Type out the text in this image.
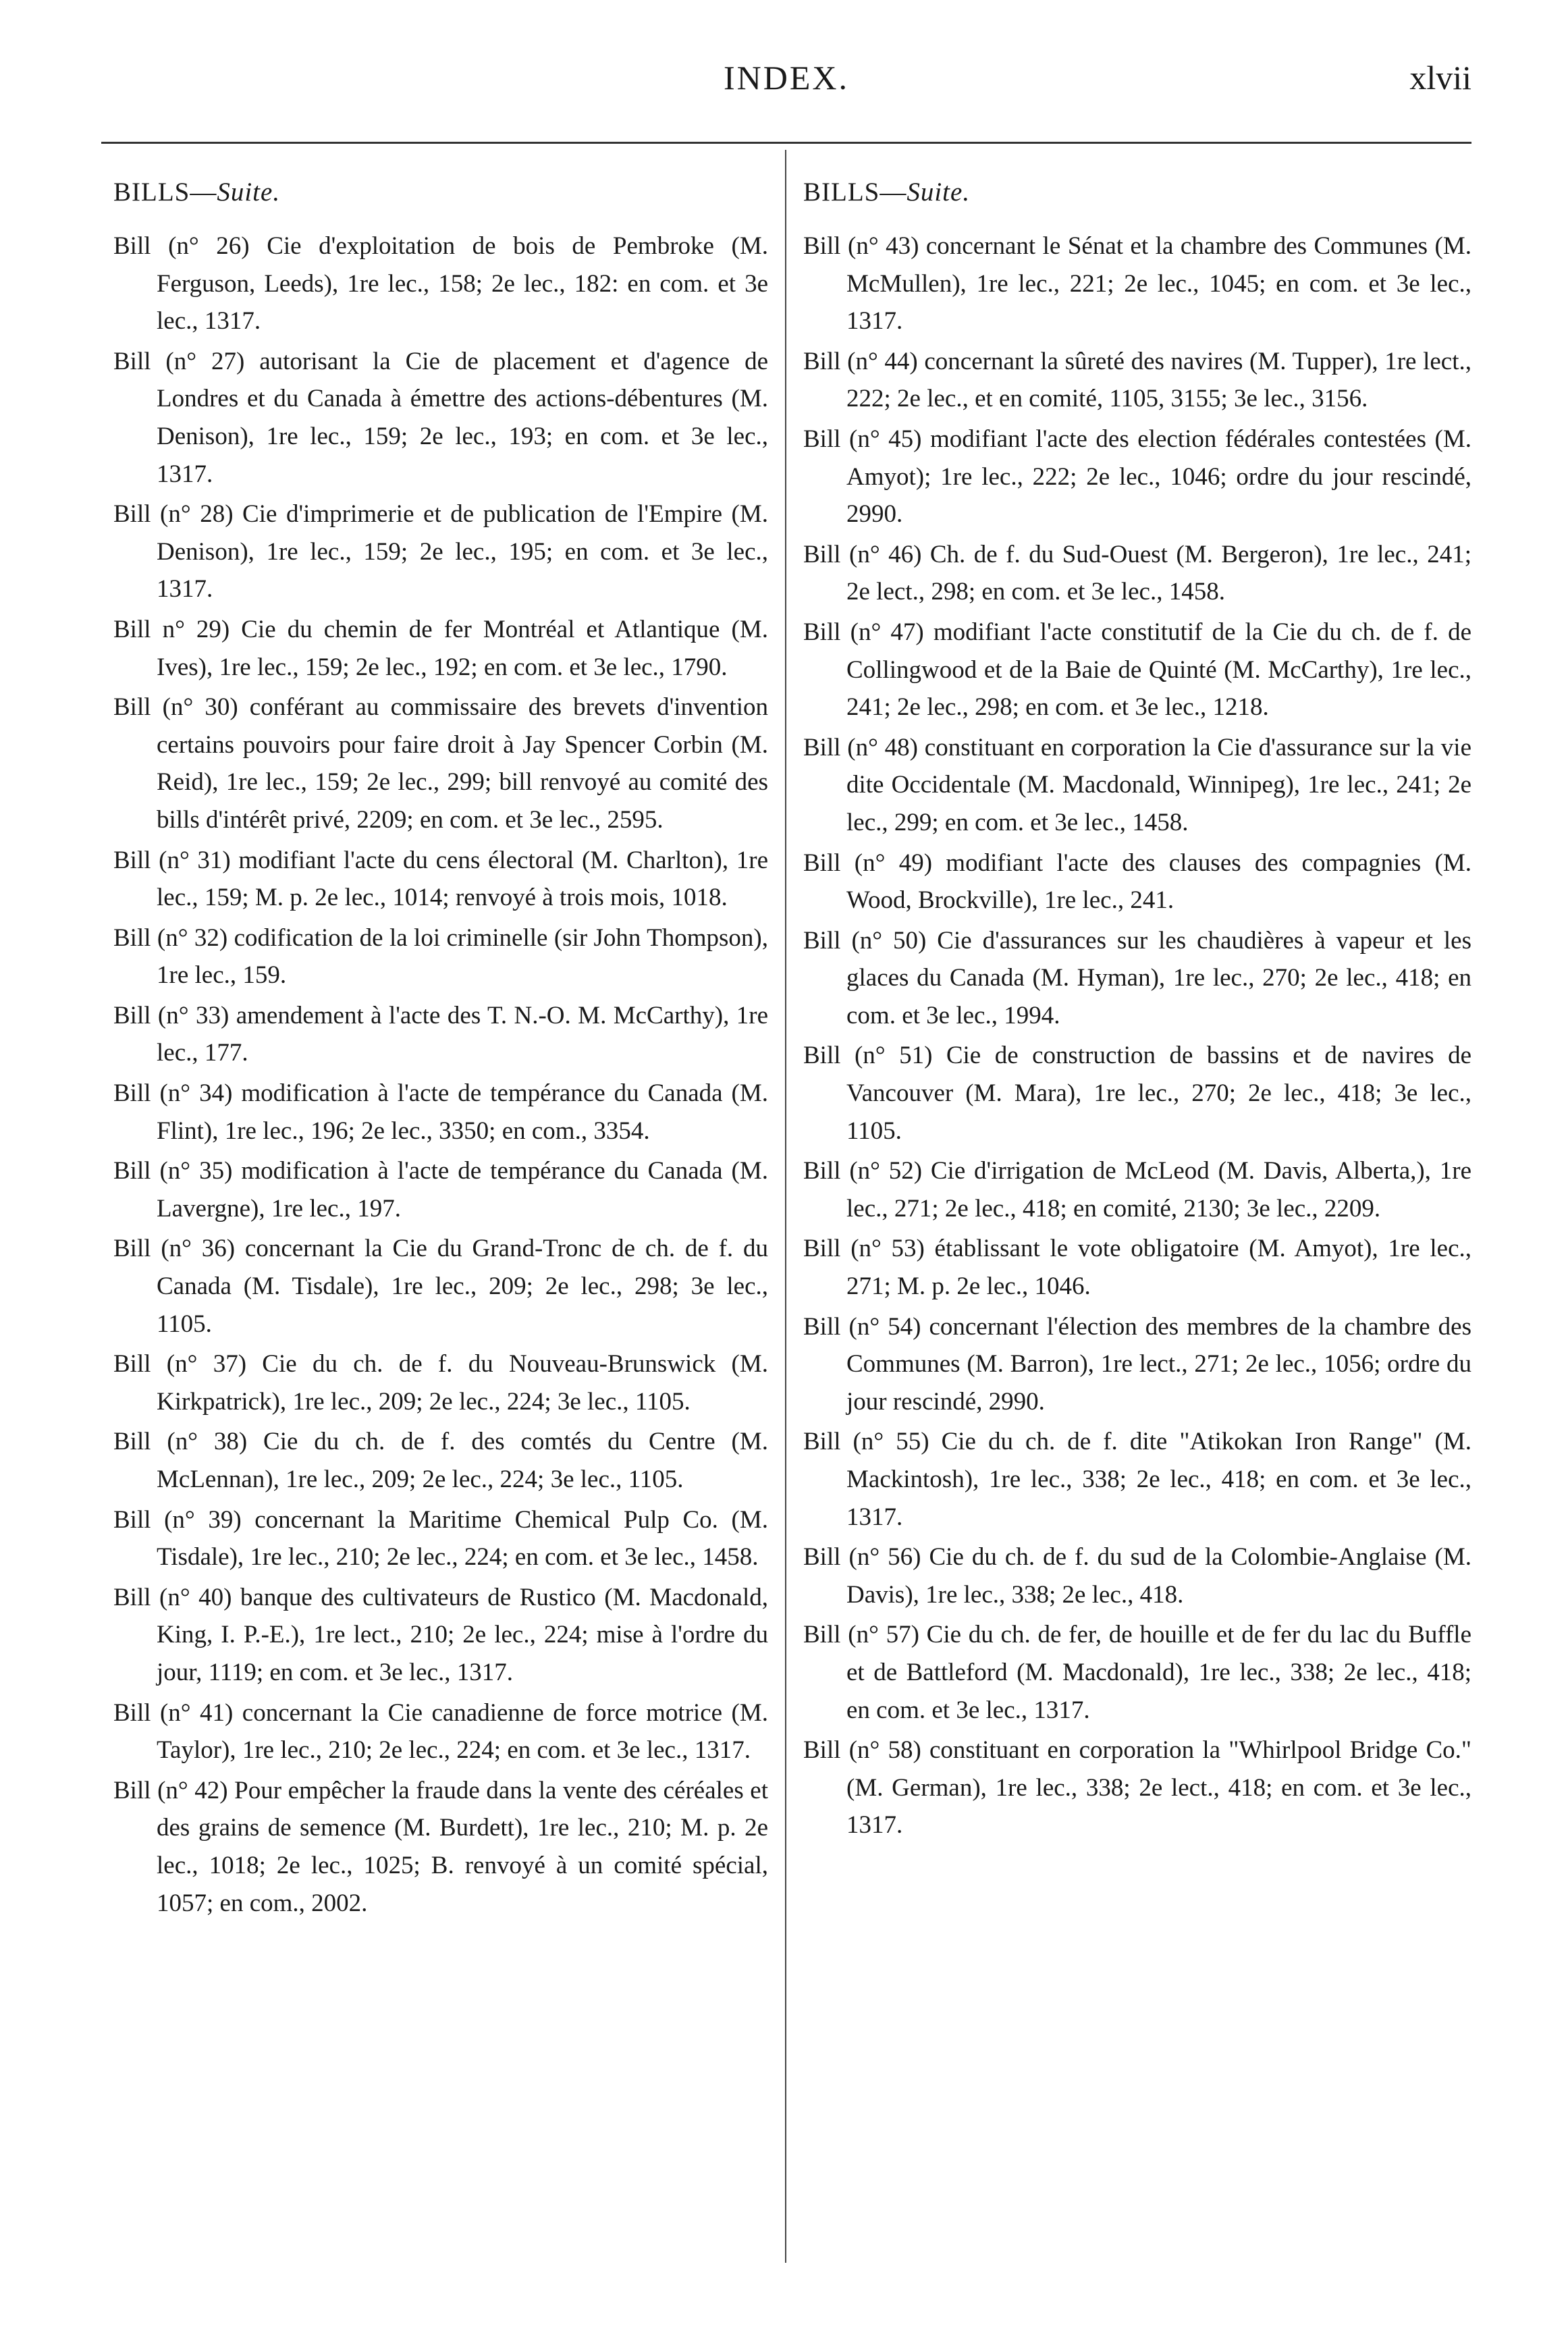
INDEX.	xlvii
BILLS—Suite.

Bill (n° 26) Cie d'exploitation de bois de Pembroke (M. Ferguson, Leeds), 1re lec., 158; 2e lec., 182: en com. et 3e lec., 1317.

Bill (n° 27) autorisant la Cie de placement et d'agence de Londres et du Canada à émettre des actions-débentures (M. Denison), 1re lec., 159; 2e lec., 193; en com. et 3e lec., 1317.

Bill (n° 28) Cie d'imprimerie et de publication de l'Empire (M. Denison), 1re lec., 159; 2e lec., 195; en com. et 3e lec., 1317.

Bill n° 29) Cie du chemin de fer Montréal et Atlantique (M. Ives), 1re lec., 159; 2e lec., 192; en com. et 3e lec., 1790.

Bill (n° 30) conférant au commissaire des brevets d'invention certains pouvoirs pour faire droit à Jay Spencer Corbin (M. Reid), 1re lec., 159; 2e lec., 299; bill renvoyé au comité des bills d'intérêt privé, 2209; en com. et 3e lec., 2595.

Bill (n° 31) modifiant l'acte du cens électoral (M. Charlton), 1re lec., 159; M. p. 2e lec., 1014; renvoyé à trois mois, 1018.

Bill (n° 32) codification de la loi criminelle (sir John Thompson), 1re lec., 159.

Bill (n° 33) amendement à l'acte des T. N.-O. M. McCarthy), 1re lec., 177.

Bill (n° 34) modification à l'acte de tempérance du Canada (M. Flint), 1re lec., 196; 2e lec., 3350; en com., 3354.

Bill (n° 35) modification à l'acte de tempérance du Canada (M. Lavergne), 1re lec., 197.

Bill (n° 36) concernant la Cie du Grand-Tronc de ch. de f. du Canada (M. Tisdale), 1re lec., 209; 2e lec., 298; 3e lec., 1105.

Bill (n° 37) Cie du ch. de f. du Nouveau-Brunswick (M. Kirkpatrick), 1re lec., 209; 2e lec., 224; 3e lec., 1105.

Bill (n° 38) Cie du ch. de f. des comtés du Centre (M. McLennan), 1re lec., 209; 2e lec., 224; 3e lec., 1105.

Bill (n° 39) concernant la Maritime Chemical Pulp Co. (M. Tisdale), 1re lec., 210; 2e lec., 224; en com. et 3e lec., 1458.

Bill (n° 40) banque des cultivateurs de Rustico (M. Macdonald, King, I. P.-E.), 1re lect., 210; 2e lec., 224; mise à l'ordre du jour, 1119; en com. et 3e lec., 1317.

Bill (n° 41) concernant la Cie canadienne de force motrice (M. Taylor), 1re lec., 210; 2e lec., 224; en com. et 3e lec., 1317.

Bill (n° 42) Pour empêcher la fraude dans la vente des céréales et des grains de semence (M. Burdett), 1re lec., 210; M. p. 2e lec., 1018; 2e lec., 1025; B. renvoyé à un comité spécial, 1057; en com., 2002.

BILLS—Suite.

Bill (n° 43) concernant le Sénat et la chambre des Communes (M. McMullen), 1re lec., 221; 2e lec., 1045; en com. et 3e lec., 1317.

Bill (n° 44) concernant la sûreté des navires (M. Tupper), 1re lect., 222; 2e lec., et en comité, 1105, 3155; 3e lec., 3156.

Bill (n° 45) modifiant l'acte des election fédérales contestées (M. Amyot); 1re lec., 222; 2e lec., 1046; ordre du jour rescindé, 2990.

Bill (n° 46) Ch. de f. du Sud-Ouest (M. Bergeron), 1re lec., 241; 2e lect., 298; en com. et 3e lec., 1458.

Bill (n° 47) modifiant l'acte constitutif de la Cie du ch. de f. de Collingwood et de la Baie de Quinté (M. McCarthy), 1re lec., 241; 2e lec., 298; en com. et 3e lec., 1218.

Bill (n° 48) constituant en corporation la Cie d'assurance sur la vie dite Occidentale (M. Macdonald, Winnipeg), 1re lec., 241; 2e lec., 299; en com. et 3e lec., 1458.

Bill (n° 49) modifiant l'acte des clauses des compagnies (M. Wood, Brockville), 1re lec., 241.

Bill (n° 50) Cie d'assurances sur les chaudières à vapeur et les glaces du Canada (M. Hyman), 1re lec., 270; 2e lec., 418; en com. et 3e lec., 1994.

Bill (n° 51) Cie de construction de bassins et de navires de Vancouver (M. Mara), 1re lec., 270; 2e lec., 418; 3e lec., 1105.

Bill (n° 52) Cie d'irrigation de McLeod (M. Davis, Alberta,), 1re lec., 271; 2e lec., 418; en comité, 2130; 3e lec., 2209.

Bill (n° 53) établissant le vote obligatoire (M. Amyot), 1re lec., 271; M. p. 2e lec., 1046.

Bill (n° 54) concernant l'élection des membres de la chambre des Communes (M. Barron), 1re lect., 271; 2e lec., 1056; ordre du jour rescindé, 2990.

Bill (n° 55) Cie du ch. de f. dite "Atikokan Iron Range" (M. Mackintosh), 1re lec., 338; 2e lec., 418; en com. et 3e lec., 1317.

Bill (n° 56) Cie du ch. de f. du sud de la Colombie-Anglaise (M. Davis), 1re lec., 338; 2e lec., 418.

Bill (n° 57) Cie du ch. de fer, de houille et de fer du lac du Buffle et de Battleford (M. Macdonald), 1re lec., 338; 2e lec., 418; en com. et 3e lec., 1317.

Bill (n° 58) constituant en corporation la "Whirlpool Bridge Co." (M. German), 1re lec., 338; 2e lect., 418; en com. et 3e lec., 1317.
